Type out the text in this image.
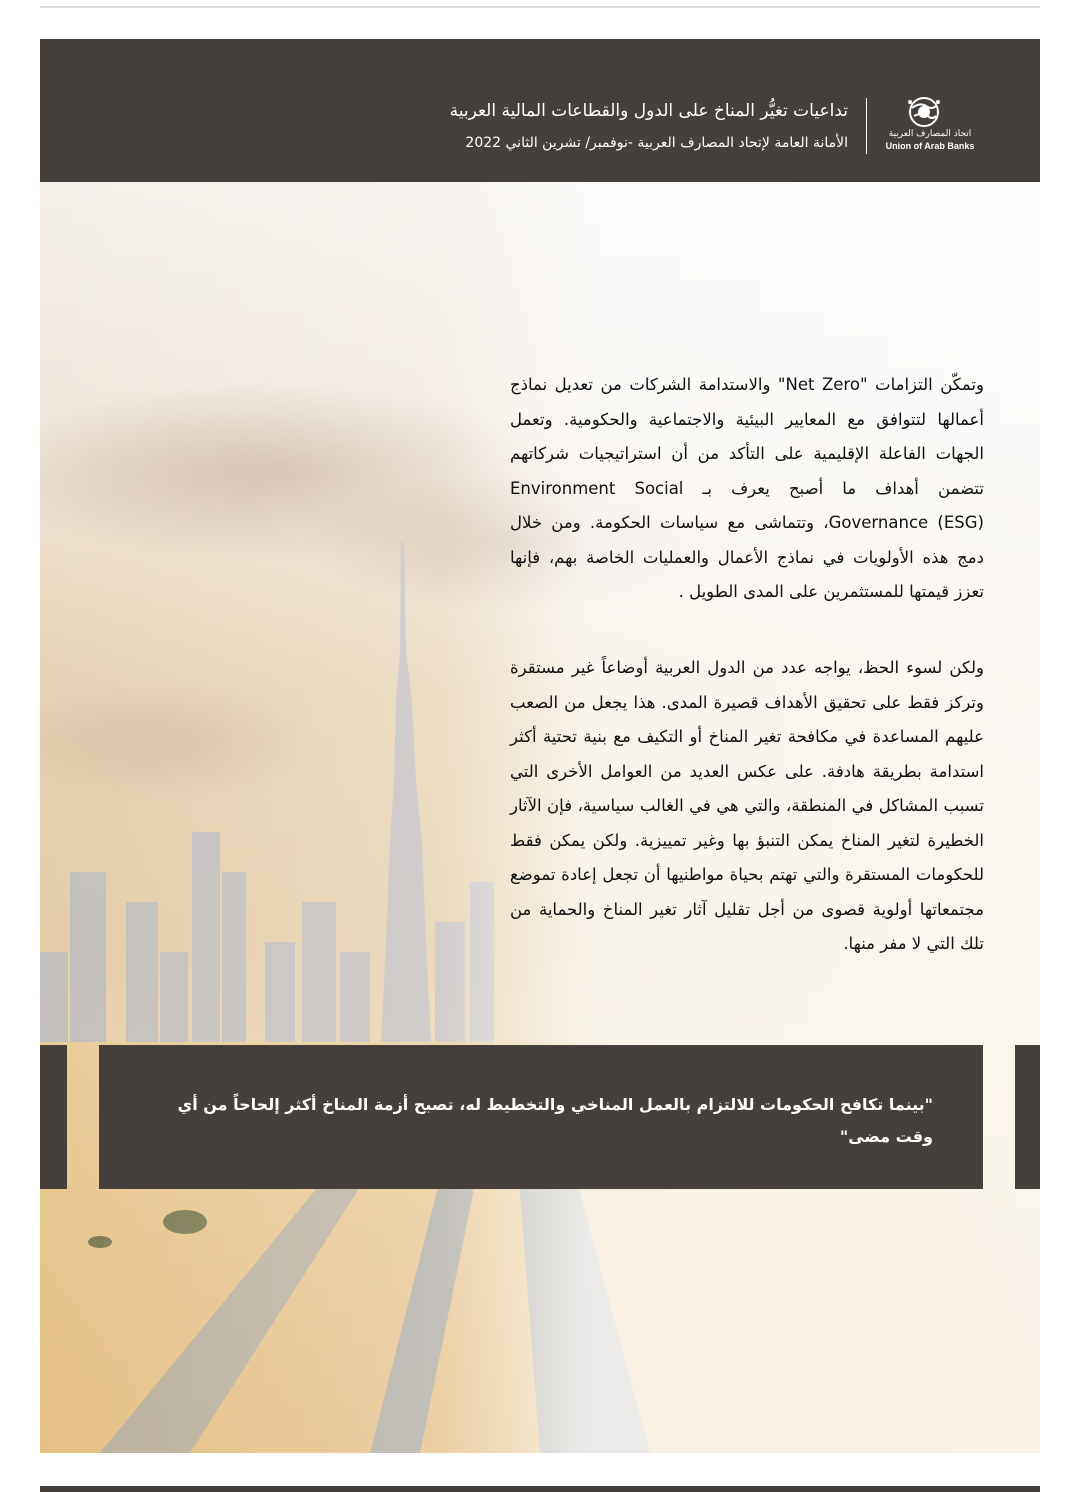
تداعيات تغيُّر المناخ على الدول والقطاعات المالية العربية
الأمانة العامة لإتحاد المصارف العربية -نوفمبر/ تشرين الثاني 2022
اتحاد المصارف العربية
Union of Arab Banks

وتمكّن التزامات "Net Zero" والاستدامة الشركات من تعديل نماذج أعمالها لتتوافق مع المعايير البيئية والاجتماعية والحكومية. وتعمل الجهات الفاعلة الإقليمية على التأكد من أن استراتيجيات شركاتهم تتضمن أهداف ما أصبح يعرف بـ Environment Social Governance (ESG)، وتتماشى مع سياسات الحكومة. ومن خلال دمج هذه الأولويات في نماذج الأعمال والعمليات الخاصة بهم، فإنها تعزز قيمتها للمستثمرين على المدى الطويل .

ولكن لسوء الحظ، يواجه عدد من الدول العربية أوضاعاً غير مستقرة وتركز فقط على تحقيق الأهداف قصيرة المدى. هذا يجعل من الصعب عليهم المساعدة في مكافحة تغير المناخ أو التكيف مع بنية تحتية أكثر استدامة بطريقة هادفة. على عكس العديد من العوامل الأخرى التي تسبب المشاكل في المنطقة، والتي هي في الغالب سياسية، فإن الآثار الخطيرة لتغير المناخ يمكن التنبؤ بها وغير تمييزية. ولكن يمكن فقط للحكومات المستقرة والتي تهتم بحياة مواطنيها أن تجعل إعادة تموضع مجتمعاتها أولوية قصوى من أجل تقليل آثار تغير المناخ والحماية من تلك التي لا مفر منها.

"بينما تكافح الحكومات للالتزام بالعمل المناخي والتخطيط له، تصبح أزمة المناخ أكثر إلحاحاً من أي وقت مضى"
